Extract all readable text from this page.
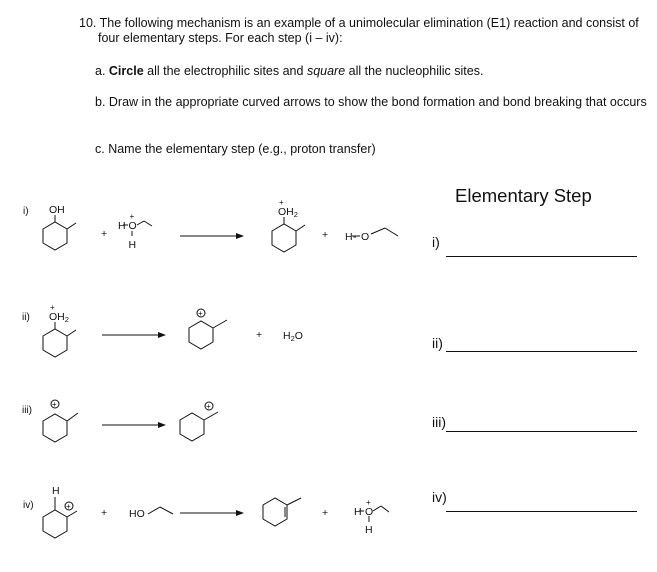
10. The following mechanism is an example of a unimolecular elimination (E1) reaction and consist of four elementary steps. For each step (i – iv):
a. Circle all the electrophilic sites and square all the nucleophilic sites.
b. Draw in the appropriate curved arrows to show the bond formation and bond breaking that occurs
c. Name the elementary step (e.g., proton transfer)
Elementary Step
i)
ii)
iii)
iv)
i)
ii)
iii)
iv)
OH
+
H O
+
H
OH2
+
+ H - O
OH2
+
+
+ H2O
+	+
H
+
+ HO	+ H O
+
H
